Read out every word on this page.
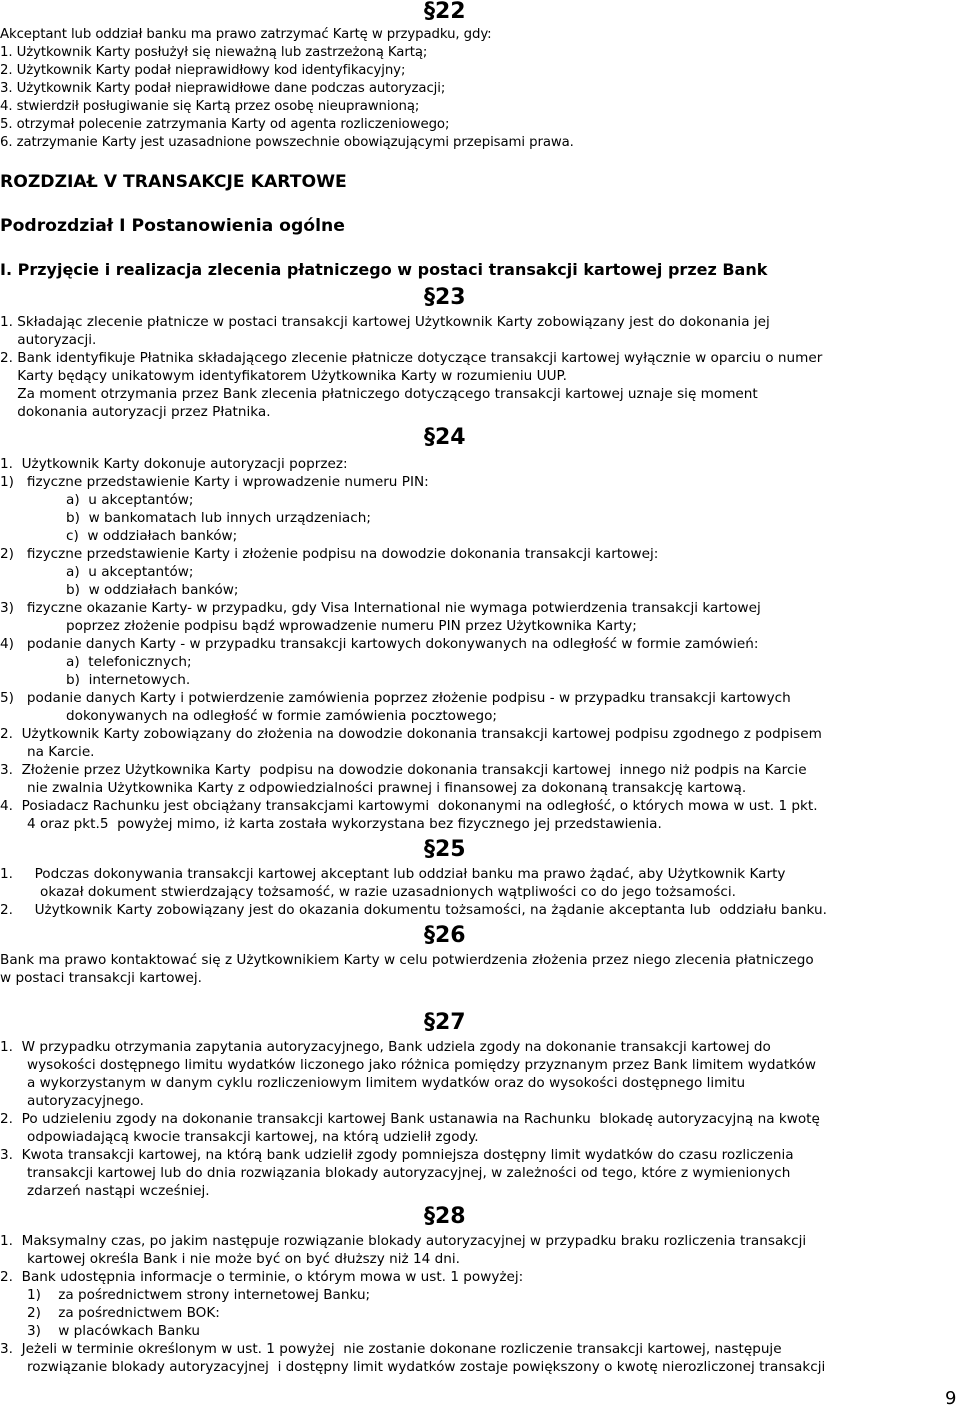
§22

Akceptant lub oddział banku ma prawo zatrzymać Kartę w przypadku, gdy:

1. Użytkownik Karty posłużył się nieważną lub zastrzeżoną Kartą;

2. Użytkownik Karty podał nieprawidłowy kod identyfikacyjny;

3. Użytkownik Karty podał nieprawidłowe dane podczas autoryzacji;

4. stwierdził posługiwanie się Kartą przez osobę nieuprawnioną;

5. otrzymał polecenie zatrzymania Karty od agenta rozliczeniowego;

6. zatrzymanie Karty jest uzasadnione powszechnie obowiązującymi przepisami prawa.

ROZDZIAŁ V TRANSAKCJE KARTOWE
Podrozdział I Postanowienia ogólne
I. Przyjęcie i realizacja zlecenia płatniczego w postaci transakcji kartowej przez Bank
§23

1. Składając zlecenie płatnicze w postaci transakcji kartowej Użytkownik Karty zobowiązany jest do dokonania jej

autoryzacji.

2. Bank identyfikuje Płatnika składającego zlecenie płatnicze dotyczące transakcji kartowej wyłącznie w oparciu o numer

Karty będący unikatowym identyfikatorem Użytkownika Karty w rozumieniu UUP.

Za moment otrzymania przez Bank zlecenia płatniczego dotyczącego transakcji kartowej uznaje się moment

dokonania autoryzacji przez Płatnika.

§24

1.  Użytkownik Karty dokonuje autoryzacji poprzez:

1)   fizyczne przedstawienie Karty i wprowadzenie numeru PIN:

a)  u akceptantów;

b)  w bankomatach lub innych urządzeniach;

c)  w oddziałach banków;

2)   fizyczne przedstawienie Karty i złożenie podpisu na dowodzie dokonania transakcji kartowej:

a)  u akceptantów;

b)  w oddziałach banków;

3)   fizyczne okazanie Karty- w przypadku, gdy Visa International nie wymaga potwierdzenia transakcji kartowej

poprzez złożenie podpisu bądź wprowadzenie numeru PIN przez Użytkownika Karty;

4)   podanie danych Karty - w przypadku transakcji kartowych dokonywanych na odległość w formie zamówień:

a)  telefonicznych;

b)  internetowych.

5)   podanie danych Karty i potwierdzenie zamówienia poprzez złożenie podpisu - w przypadku transakcji kartowych

dokonywanych na odległość w formie zamówienia pocztowego;

2.  Użytkownik Karty zobowiązany do złożenia na dowodzie dokonania transakcji kartowej podpisu zgodnego z podpisem

na Karcie.

3.  Złożenie przez Użytkownika Karty  podpisu na dowodzie dokonania transakcji kartowej  innego niż podpis na Karcie

nie zwalnia Użytkownika Karty z odpowiedzialności prawnej i finansowej za dokonaną transakcję kartową.

4.  Posiadacz Rachunku jest obciążany transakcjami kartowymi  dokonanymi na odległość, o których mowa w ust. 1 pkt.

4 oraz pkt.5  powyżej mimo, iż karta została wykorzystana bez fizycznego jej przedstawienia.

§25

1.     Podczas dokonywania transakcji kartowej akceptant lub oddział banku ma prawo żądać, aby Użytkownik Karty

okazał dokument stwierdzający tożsamość, w razie uzasadnionych wątpliwości co do jego tożsamości.

2.     Użytkownik Karty zobowiązany jest do okazania dokumentu tożsamości, na żądanie akceptanta lub  oddziału banku.

§26

Bank ma prawo kontaktować się z Użytkownikiem Karty w celu potwierdzenia złożenia przez niego zlecenia płatniczego

w postaci transakcji kartowej.

§27

1.  W przypadku otrzymania zapytania autoryzacyjnego, Bank udziela zgody na dokonanie transakcji kartowej do

wysokości dostępnego limitu wydatków liczonego jako różnica pomiędzy przyznanym przez Bank limitem wydatków

a wykorzystanym w danym cyklu rozliczeniowym limitem wydatków oraz do wysokości dostępnego limitu

autoryzacyjnego.

2.  Po udzieleniu zgody na dokonanie transakcji kartowej Bank ustanawia na Rachunku  blokadę autoryzacyjną na kwotę

odpowiadającą kwocie transakcji kartowej, na którą udzielił zgody.

3.  Kwota transakcji kartowej, na którą bank udzielił zgody pomniejsza dostępny limit wydatków do czasu rozliczenia

transakcji kartowej lub do dnia rozwiązania blokady autoryzacyjnej, w zależności od tego, które z wymienionych

zdarzeń nastąpi wcześniej.

§28

1.  Maksymalny czas, po jakim następuje rozwiązanie blokady autoryzacyjnej w przypadku braku rozliczenia transakcji

kartowej określa Bank i nie może być on być dłuższy niż 14 dni.

2.  Bank udostępnia informacje o terminie, o którym mowa w ust. 1 powyżej:

1)    za pośrednictwem strony internetowej Banku;

2)    za pośrednictwem BOK:

3)    w placówkach Banku

3.  Jeżeli w terminie określonym w ust. 1 powyżej  nie zostanie dokonane rozliczenie transakcji kartowej, następuje

rozwiązanie blokady autoryzacyjnej  i dostępny limit wydatków zostaje powiększony o kwotę nierozliczonej transakcji

9
